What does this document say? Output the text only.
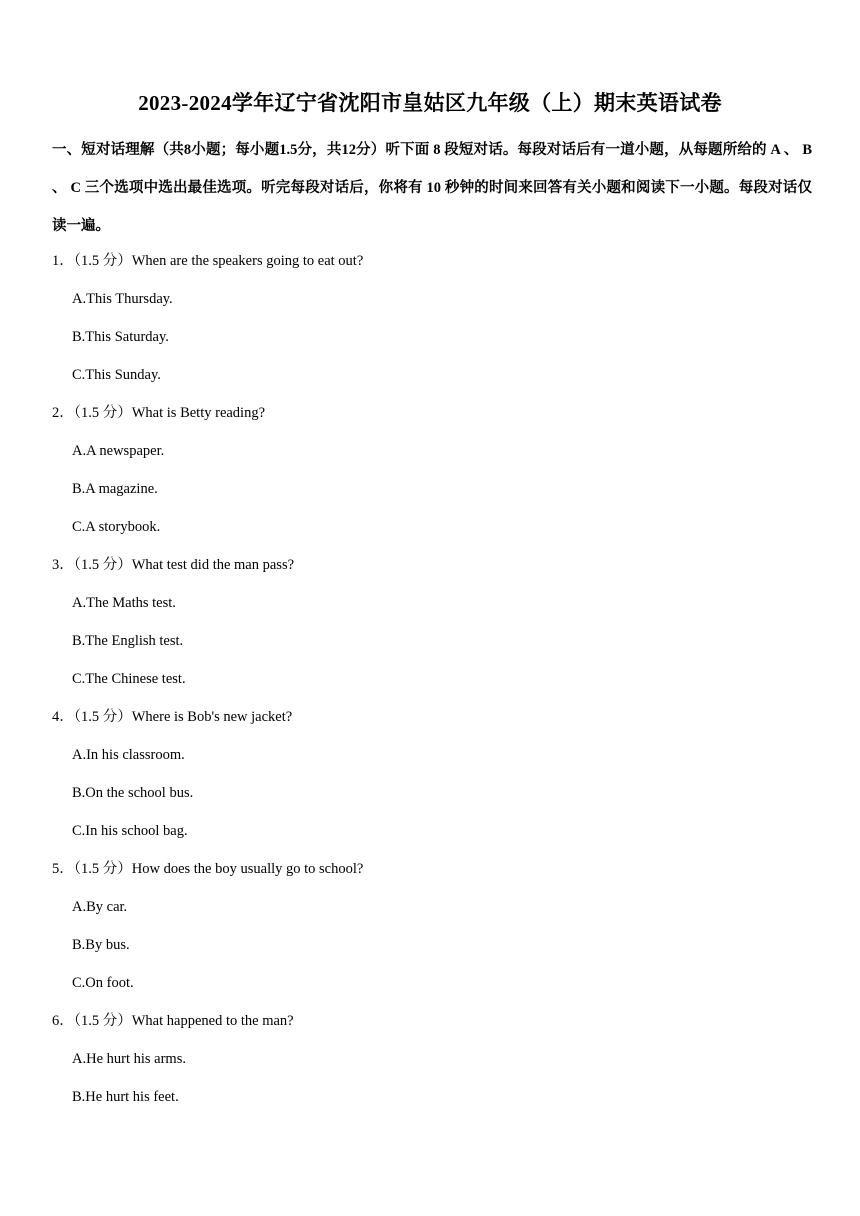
2023-2024学年辽宁省沈阳市皇姑区九年级（上）期末英语试卷
一、短对话理解（共8小题；每小题1.5分，共12分）听下面 8 段短对话。每段对话后有一道小题，从每题所给的 A 、 B 、 C 三个选项中选出最佳选项。听完每段对话后，你将有 10 秒钟的时间来回答有关小题和阅读下一小题。每段对话仅读一遍。
1．（1.5 分）When are the speakers going to eat out?
A.This Thursday.
B.This Saturday.
C.This Sunday.
2．（1.5 分）What is Betty reading?
A.A newspaper.
B.A magazine.
C.A storybook.
3．（1.5 分）What test did the man pass?
A.The Maths test.
B.The English test.
C.The Chinese test.
4．（1.5 分）Where is Bob's new jacket?
A.In his classroom.
B.On the school bus.
C.In his school bag.
5．（1.5 分）How does the boy usually go to school?
A.By car.
B.By bus.
C.On foot.
6．（1.5 分）What happened to the man?
A.He hurt his arms.
B.He hurt his feet.
